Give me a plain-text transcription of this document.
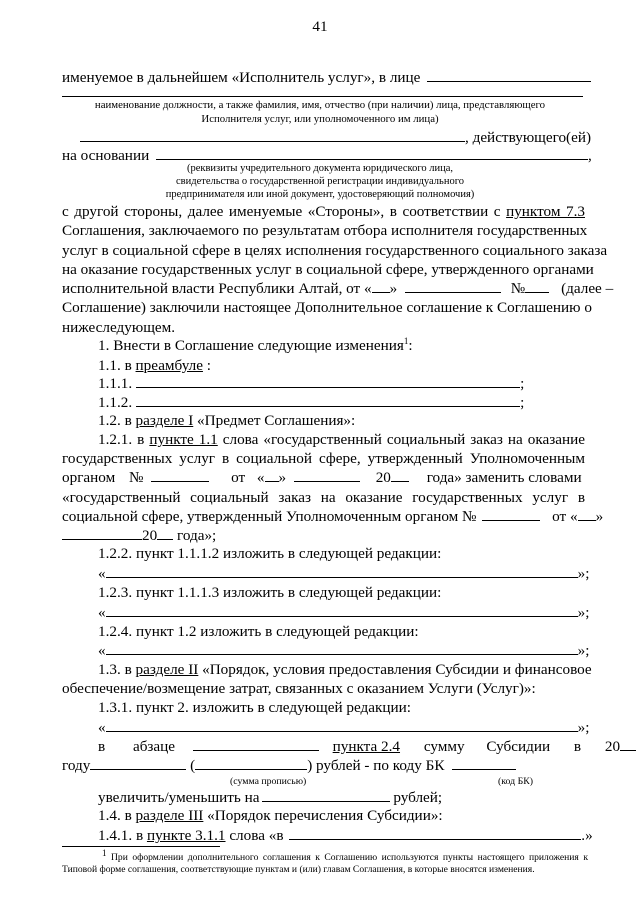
41
именуемое в дальнейшем «Исполнитель услуг», в лице
наименование должности, а также фамилия, имя, отчество (при наличии) лица, представляющего
Исполнителя услуг, или уполномоченного им лица)
, действующего(ей)
на основании	,
(реквизиты учредительного документа юридического лица,
свидетельства о государственной регистрации индивидуального
предпринимателя или иной документ, удостоверяющий полномочия)
с другой стороны, далее именуемые «Стороны», в соответствии с пунктом 7.3
Соглашения, заключаемого по результатам отбора исполнителя государственных
услуг в социальной сфере в целях исполнения государственного социального заказа
на оказание государственных услуг в социальной сфере, утвержденного органами
исполнительной власти Республики Алтай, от « »	№ (далее –
Соглашение) заключили настоящее Дополнительное соглашение к Соглашению о
нижеследующем.
1. Внести в Соглашение следующие изменения$^1$:
1.1. в преамбуле :
1.1.1.	;
1.1.2.	;
1.2. в разделе I «Предмет Соглашения»:
1.2.1. в пункте 1.1 слова «государственный социальный заказ на оказание
государственных услуг в социальной сфере, утвержденный Уполномоченным
органом №	от « »	20 года» заменить словами
«государственный социальный заказ на оказание государственных услуг в
социальной сфере, утвержденный Уполномоченным органом №	от « »
20 года»;
1.2.2. пункт 1.1.1.2 изложить в следующей редакции:
«	»;
1.2.3. пункт 1.1.1.3 изложить в следующей редакции:
«	»;
1.2.4. пункт 1.2 изложить в следующей редакции:
«	»;
1.3. в разделе II «Порядок, условия предоставления Субсидии и финансовое
обеспечение/возмещение затрат, связанных с оказанием Услуги (Услуг)»:
1.3.1. пункт 2. изложить в следующей редакции:
«	»;
в абзаце	пункта 2.4 сумму Субсидии в 20
году	(	) рублей - по коду БК
(сумма прописью)	(код БК)
увеличить/уменьшить на	рублей;
1.4. в разделе III «Порядок перечисления Субсидии»:
1.4.1. в пункте 3.1.1 слова «в	.»
$^1$ При оформлении дополнительного соглашения к Соглашению используются пункты настоящего приложения к Типовой форме соглашения, соответствующие пунктам и (или) главам Соглашения, в которые вносятся изменения.
